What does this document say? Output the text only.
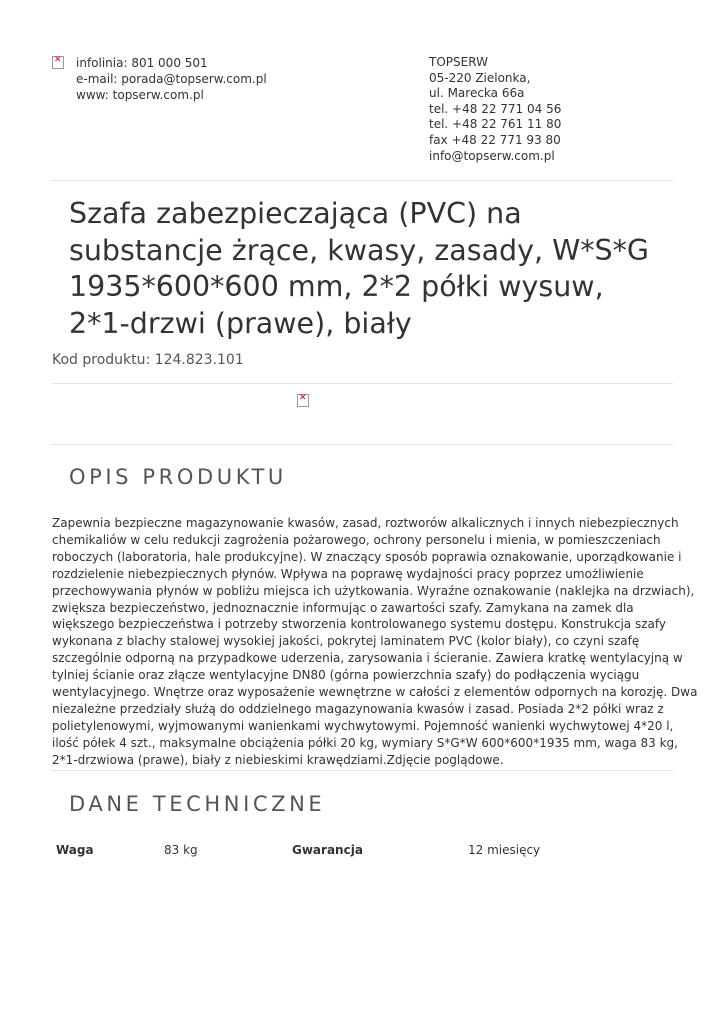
✕
infolinia: 801 000 501
e-mail: porada@topserw.com.pl
www: topserw.com.pl
TOPSERW
05-220 Zielonka,
ul. Marecka 66a
tel. +48 22 771 04 56
tel. +48 22 761 11 80
fax +48 22 771 93 80
info@topserw.com.pl
Szafa zabezpieczająca (PVC) na substancje żrące, kwasy, zasady, W*S*G 1935*600*600 mm, 2*2 półki wysuw, 2*1-drzwi (prawe), biały
Kod produktu: 124.823.101
✕
OPIS PRODUKTU
Zapewnia bezpieczne magazynowanie kwasów, zasad, roztworów alkalicznych i innych niebezpiecznych
chemikaliów w celu redukcji zagrożenia pożarowego, ochrony personelu i mienia, w pomieszczeniach
roboczych (laboratoria, hale produkcyjne). W znaczący sposób poprawia oznakowanie, uporządkowanie i
rozdzielenie niebezpiecznych płynów. Wpływa na poprawę wydajności pracy poprzez umożliwienie
przechowywania płynów w pobliżu miejsca ich użytkowania. Wyraźne oznakowanie (naklejka na drzwiach),
zwiększa bezpieczeństwo, jednoznacznie informując o zawartości szafy. Zamykana na zamek dla
większego bezpieczeństwa i potrzeby stworzenia kontrolowanego systemu dostępu. Konstrukcja szafy
wykonana z blachy stalowej wysokiej jakości, pokrytej laminatem PVC (kolor biały), co czyni szafę
szczególnie odporną na przypadkowe uderzenia, zarysowania i ścieranie. Zawiera kratkę wentylacyjną w
tylniej ścianie oraz złącze wentylacyjne DN80 (górna powierzchnia szafy) do podłączenia wyciągu
wentylacyjnego. Wnętrze oraz wyposażenie wewnętrzne w całości z elementów odpornych na korozję. Dwa
niezależne przedziały służą do oddzielnego magazynowania kwasów i zasad. Posiada 2*2 półki wraz z
polietylenowymi, wyjmowanymi wanienkami wychwytowymi. Pojemność wanienki wychwytowej 4*20 l,
ilość półek 4 szt., maksymalne obciążenia półki 20 kg, wymiary S*G*W 600*600*1935 mm, waga 83 kg,
2*1-drzwiowa (prawe), biały z niebieskimi krawędziami.Zdjęcie poglądowe.
DANE TECHNICZNE
Waga	83 kg	Gwarancja	12 miesięcy
